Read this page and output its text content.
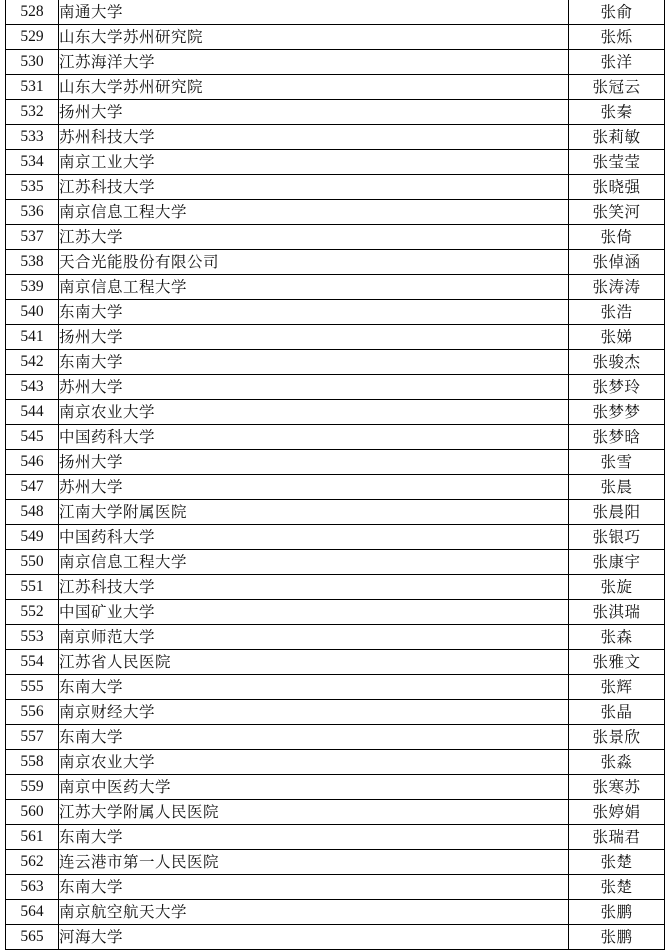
528	南通大学	张俞
529	山东大学苏州研究院	张烁
530	江苏海洋大学	张洋
531	山东大学苏州研究院	张冠云
532	扬州大学	张秦
533	苏州科技大学	张莉敏
534	南京工业大学	张莹莹
535	江苏科技大学	张晓强
536	南京信息工程大学	张笑河
537	江苏大学	张倚
538	天合光能股份有限公司	张倬涵
539	南京信息工程大学	张涛涛
540	东南大学	张浩
541	扬州大学	张娣
542	东南大学	张骏杰
543	苏州大学	张梦玲
544	南京农业大学	张梦梦
545	中国药科大学	张梦晗
546	扬州大学	张雪
547	苏州大学	张晨
548	江南大学附属医院	张晨阳
549	中国药科大学	张银巧
550	南京信息工程大学	张康宇
551	江苏科技大学	张旋
552	中国矿业大学	张淇瑞
553	南京师范大学	张森
554	江苏省人民医院	张雅文
555	东南大学	张辉
556	南京财经大学	张晶
557	东南大学	张景欣
558	南京农业大学	张淼
559	南京中医药大学	张寒苏
560	江苏大学附属人民医院	张婷娟
561	东南大学	张瑞君
562	连云港市第一人民医院	张楚
563	东南大学	张楚
564	南京航空航天大学	张鹏
565	河海大学	张鹏
